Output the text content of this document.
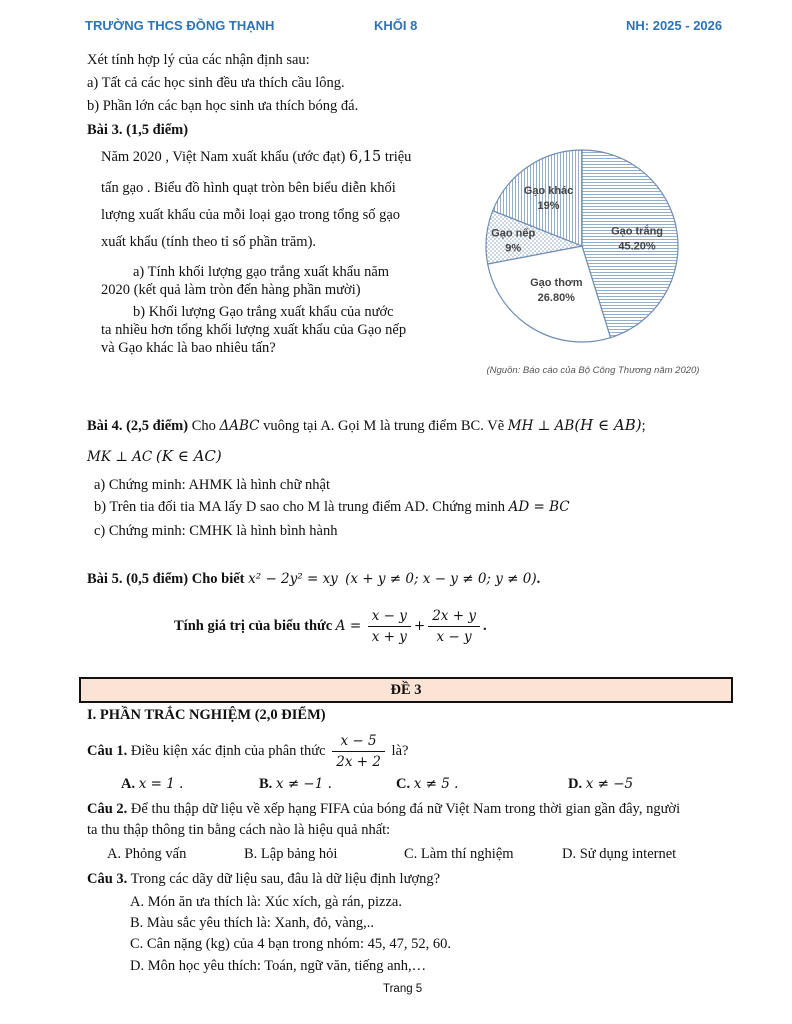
TRƯỜNG THCS ĐỒNG THẠNH	KHỐI 8	NH: 2025 - 2026
Xét tính hợp lý của các nhận định sau:
a) Tất cả các học sinh đều ưa thích cầu lông.
b) Phần lớn các bạn học sinh ưa thích bóng đá.
Bài 3. (1,5 điểm)
Năm 2020 , Việt Nam xuất khẩu (ước đạt) 6,15 triệu
tấn gạo . Biểu đồ hình quạt tròn bên biểu diễn khối
lượng xuất khẩu của mỗi loại gạo trong tổng số gạo
xuất khẩu (tính theo tỉ số phần trăm).
a) Tính khối lượng gạo trắng xuất khẩu năm
2020 (kết quả làm tròn đến hàng phần mười)
b) Khối lượng Gạo trắng xuất khẩu của nước
ta nhiều hơn tổng khối lượng xuất khẩu của Gạo nếp
và Gạo khác là bao nhiêu tấn?
Gạo trắng
45.20%
Gạo thơm
26.80%
Gạo nếp
9%
Gạo khác
19%
(Nguồn: Báo cáo của Bộ Công Thương năm 2020)
Bài 4. (2,5 điểm) Cho ΔABC vuông tại A. Gọi M là trung điểm BC. Vẽ MH ⊥ AB(H ∈ AB);
MK ⊥ AC (K ∈ AC)
a) Chứng minh: AHMK là hình chữ nhật
b) Trên tia đối tia MA lấy D sao cho M là trung điểm AD. Chứng minh AD = BC
c) Chứng minh: CMHK là hình bình hành
Bài 5. (0,5 điểm) Cho biết x² − 2y² = xy (x + y ≠ 0; x − y ≠ 0; y ≠ 0).
Tính giá trị của biểu thức $A = \frac{x - y}{x + y} + \frac{2x + y}{x - y}$ .
ĐỀ 3
I. PHẦN TRẮC NGHIỆM (2,0 ĐIỂM)
Câu 1. Điều kiện xác định của phân thức $\frac{x - 5}{2x + 2}$ là?
A. x = 1 .	B. x ≠ −1 .	C. x ≠ 5 .	D. x ≠ −5
Câu 2. Để thu thập dữ liệu về xếp hạng FIFA của bóng đá nữ Việt Nam trong thời gian gần đây, người
ta thu thập thông tin bằng cách nào là hiệu quả nhất:
A. Phỏng vấn	B. Lập bảng hỏi	C. Làm thí nghiệm	D. Sử dụng internet
Câu 3. Trong các dãy dữ liệu sau, đâu là dữ liệu định lượng?
A. Món ăn ưa thích là: Xúc xích, gà rán, pizza.
B. Màu sắc yêu thích là: Xanh, đỏ, vàng,..
C. Cân nặng (kg) của 4 bạn trong nhóm: 45, 47, 52, 60.
D. Môn học yêu thích: Toán, ngữ văn, tiếng anh,…
Trang 5
